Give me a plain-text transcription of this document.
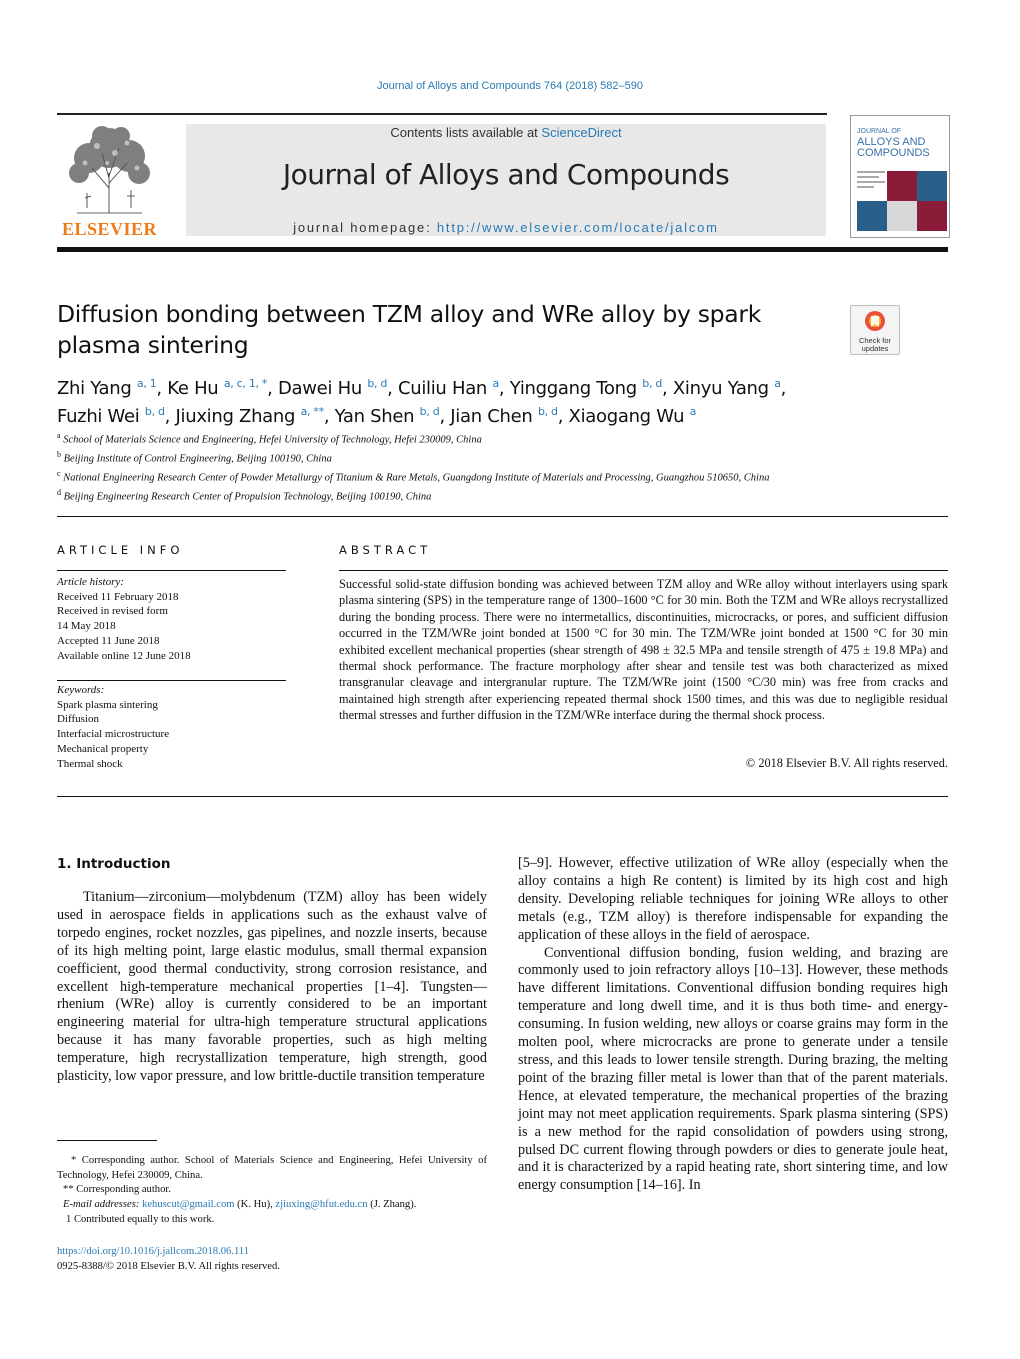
Journal of Alloys and Compounds 764 (2018) 582–590
ELSEVIER
Contents lists available at ScienceDirect
Journal of Alloys and Compounds
journal homepage: http://www.elsevier.com/locate/jalcom
JOURNAL OF
ALLOYS AND
COMPOUNDS
Diffusion bonding between TZM alloy and WRe alloy by spark plasma sintering	Check for updates
Zhi Yang $^{a, 1}$, Ke Hu $^{a, c, 1, *}$, Dawei Hu $^{b, d}$, Cuiliu Han $^a$, Yinggang Tong $^{b, d}$, Xinyu Yang $^a$,
Fuzhi Wei $^{b, d}$, Jiuxing Zhang $^{a, **}$, Yan Shen $^{b, d}$, Jian Chen $^{b, d}$, Xiaogang Wu $^a$
$^a$ School of Materials Science and Engineering, Hefei University of Technology, Hefei 230009, China
$^b$ Beijing Institute of Control Engineering, Beijing 100190, China
$^c$ National Engineering Research Center of Powder Metallurgy of Titanium & Rare Metals, Guangdong Institute of Materials and Processing, Guangzhou 510650, China
$^d$ Beijing Engineering Research Center of Propulsion Technology, Beijing 100190, China
ARTICLE INFO	ABSTRACT
Article history:
Received 11 February 2018
Received in revised form
14 May 2018
Accepted 11 June 2018
Available online 12 June 2018
Keywords:
Spark plasma sintering
Diffusion
Interfacial microstructure
Mechanical property
Thermal shock
Successful solid-state diffusion bonding was achieved between TZM alloy and WRe alloy without interlayers using spark plasma sintering (SPS) in the temperature range of 1300–1600 °C for 30 min. Both the TZM and WRe alloys recrystallized during the bonding process. There were no intermetallics, discontinuities, microcracks, or pores, and sufficient diffusion occurred in the TZM/WRe joint bonded at 1500 °C for 30 min. The TZM/WRe joint bonded at 1500 °C for 30 min exhibited excellent mechanical properties (shear strength of 498 ± 32.5 MPa and tensile strength of 475 ± 19.8 MPa) and thermal shock performance. The fracture morphology after shear and tensile test was both characterized as mixed transgranular cleavage and intergranular rupture. The TZM/WRe joint (1500 °C/30 min) was free from cracks and maintained high strength after experiencing repeated thermal shock 1500 times, and this was due to negligible residual thermal stresses and further diffusion in the TZM/WRe interface during the thermal shock process.
© 2018 Elsevier B.V. All rights reserved.
1. Introduction
Titanium—zirconium—molybdenum (TZM) alloy has been widely used in aerospace fields in applications such as the exhaust valve of torpedo engines, rocket nozzles, gas pipelines, and nozzle inserts, because of its high melting point, large elastic modulus, small thermal expansion coefficient, good thermal conductivity, strong corrosion resistance, and excellent high-temperature mechanical properties [1–4]. Tungsten—rhenium (WRe) alloy is currently considered to be an important engineering material for ultra-high temperature structural applications because it has many favorable properties, such as high melting temperature, high recrystallization temperature, high strength, good plasticity, low vapor pressure, and low brittle-ductile transition temperature

[5–9]. However, effective utilization of WRe alloy (especially when the alloy contains a high Re content) is limited by its high cost and high density. Developing reliable techniques for joining WRe alloys to other metals (e.g., TZM alloy) is therefore indispensable for expanding the application of these alloys in the field of aerospace.

Conventional diffusion bonding, fusion welding, and brazing are commonly used to join refractory alloys [10–13]. However, these methods have different limitations. Conventional diffusion bonding requires high temperature and long dwell time, and it is thus both time- and energy-consuming. In fusion welding, new alloys or coarse grains may form in the molten pool, where microcracks are prone to generate under a tensile stress, and this leads to lower tensile strength. During brazing, the melting point of the brazing filler metal is lower than that of the parent materials. Hence, at elevated temperature, the mechanical properties of the brazing joint may not meet application requirements. Spark plasma sintering (SPS) is a new method for the rapid consolidation of powders using strong, pulsed DC current flowing through powders or dies to generate joule heat, and it is characterized by a rapid heating rate, short sintering time, and low energy consumption [14–16]. In

* Corresponding author. School of Materials Science and Engineering, Hefei University of Technology, Hefei 230009, China.
** Corresponding author.
E-mail addresses: kehuscut@gmail.com (K. Hu), zjiuxing@hfut.edu.cn (J. Zhang).
1 Contributed equally to this work.
https://doi.org/10.1016/j.jallcom.2018.06.111
0925-8388/© 2018 Elsevier B.V. All rights reserved.
